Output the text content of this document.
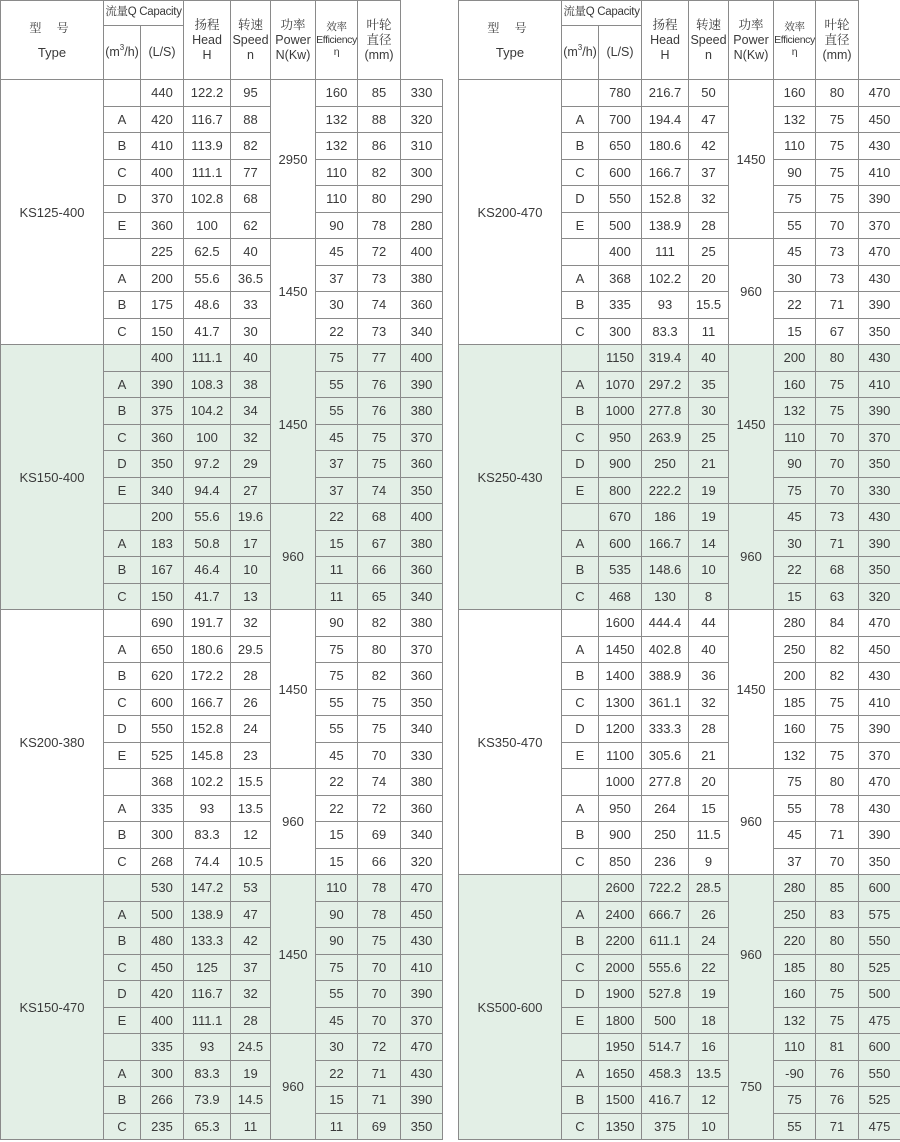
型 号
Type	流量Q Capacity		扬程
Head
H	转速
Speed
n	功率
Power
N(Kw)	效率
Efficiency
η	叶轮
直径
(mm)	

	$(m^3/h)$	(L/S)						
KS125-400		440	122.2	95	2950	160	85	330
	A	420	116.7	88		132	88	320
	B	410	113.9	82		132	86	310
	C	400	111.1	77		110	82	300
	D	370	102.8	68		110	80	290
	E	360	100	62		90	78	280
		225	62.5	40	1450	45	72	400
	A	200	55.6	36.5		37	73	380
	B	175	48.6	33		30	74	360
	C	150	41.7	30		22	73	340
KS150-400		400	111.1	40	1450	75	77	400
	A	390	108.3	38		55	76	390
	B	375	104.2	34		55	76	380
	C	360	100	32		45	75	370
	D	350	97.2	29		37	75	360
	E	340	94.4	27		37	74	350
		200	55.6	19.6	960	22	68	400
	A	183	50.8	17		15	67	380
	B	167	46.4	10		11	66	360
	C	150	41.7	13		11	65	340
KS200-380		690	191.7	32	1450	90	82	380
	A	650	180.6	29.5		75	80	370
	B	620	172.2	28		75	82	360
	C	600	166.7	26		55	75	350
	D	550	152.8	24		55	75	340
	E	525	145.8	23		45	70	330
		368	102.2	15.5	960	22	74	380
	A	335	93	13.5		22	72	360
	B	300	83.3	12		15	69	340
	C	268	74.4	10.5		15	66	320
KS150-470		530	147.2	53	1450	110	78	470
	A	500	138.9	47		90	78	450
	B	480	133.3	42		90	75	430
	C	450	125	37		75	70	410
	D	420	116.7	32		55	70	390
	E	400	111.1	28		45	70	370
		335	93	24.5	960	30	72	470
	A	300	83.3	19		22	71	430
	B	266	73.9	14.5		15	71	390
	C	235	65.3	11		11	69	350
型 号
Type	流量Q Capacity		扬程
Head
H	转速
Speed
n	功率
Power
N(Kw)	效率
Efficiency
η	叶轮
直径
(mm)	

	$(m^3/h)$	(L/S)						
KS200-470		780	216.7	50	1450	160	80	470
	A	700	194.4	47		132	75	450
	B	650	180.6	42		110	75	430
	C	600	166.7	37		90	75	410
	D	550	152.8	32		75	75	390
	E	500	138.9	28		55	70	370
		400	111	25	960	45	73	470
	A	368	102.2	20		30	73	430
	B	335	93	15.5		22	71	390
	C	300	83.3	11		15	67	350
KS250-430		1150	319.4	40	1450	200	80	430
	A	1070	297.2	35		160	75	410
	B	1000	277.8	30		132	75	390
	C	950	263.9	25		110	70	370
	D	900	250	21		90	70	350
	E	800	222.2	19		75	70	330
		670	186	19	960	45	73	430
	A	600	166.7	14		30	71	390
	B	535	148.6	10		22	68	350
	C	468	130	8		15	63	320
KS350-470		1600	444.4	44	1450	280	84	470
	A	1450	402.8	40		250	82	450
	B	1400	388.9	36		200	82	430
	C	1300	361.1	32		185	75	410
	D	1200	333.3	28		160	75	390
	E	1100	305.6	21		132	75	370
		1000	277.8	20	960	75	80	470
	A	950	264	15		55	78	430
	B	900	250	11.5		45	71	390
	C	850	236	9		37	70	350
KS500-600		2600	722.2	28.5	960	280	85	600
	A	2400	666.7	26		250	83	575
	B	2200	611.1	24		220	80	550
	C	2000	555.6	22		185	80	525
	D	1900	527.8	19		160	75	500
	E	1800	500	18		132	75	475
		1950	514.7	16	750	110	81	600
	A	1650	458.3	13.5		-90	76	550
	B	1500	416.7	12		75	76	525
	C	1350	375	10		55	71	475
